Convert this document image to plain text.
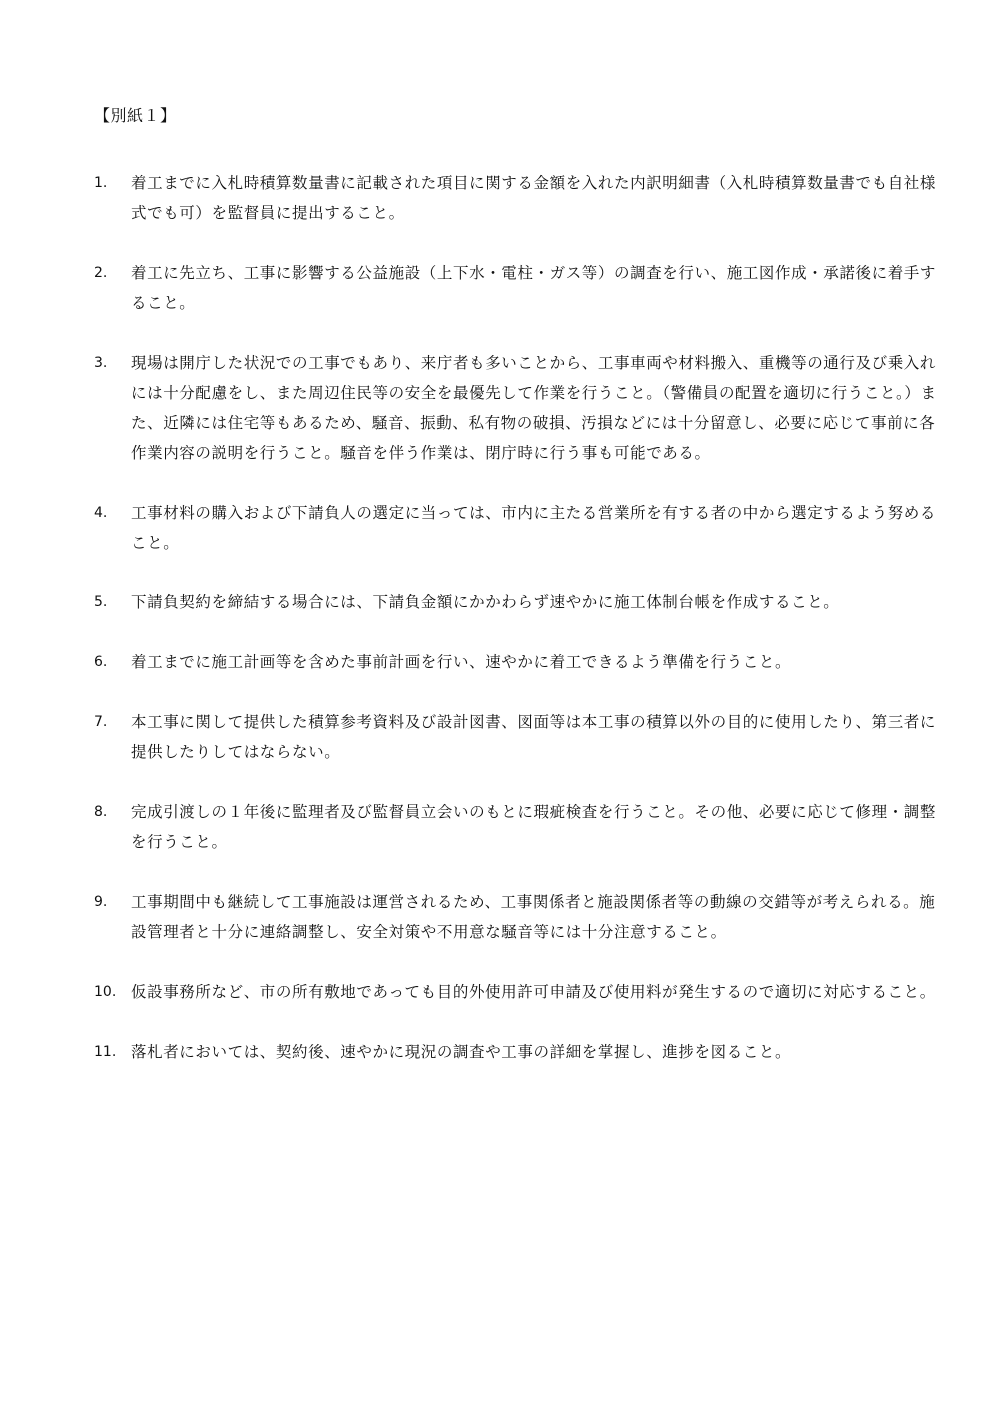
【別紙１】
1. 着工までに入札時積算数量書に記載された項目に関する金額を入れた内訳明細書（入札時積算数量書でも自社様式でも可）を監督員に提出すること。
2. 着工に先立ち、工事に影響する公益施設（上下水・電柱・ガス等）の調査を行い、施工図作成・承諾後に着手すること。
3. 現場は開庁した状況での工事でもあり、来庁者も多いことから、工事車両や材料搬入、重機等の通行及び乗入れには十分配慮をし、また周辺住民等の安全を最優先して作業を行うこと。（警備員の配置を適切に行うこと。）また、近隣には住宅等もあるため、騒音、振動、私有物の破損、汚損などには十分留意し、必要に応じて事前に各作業内容の説明を行うこと。騒音を伴う作業は、閉庁時に行う事も可能である。
4. 工事材料の購入および下請負人の選定に当っては、市内に主たる営業所を有する者の中から選定するよう努めること。
5. 下請負契約を締結する場合には、下請負金額にかかわらず速やかに施工体制台帳を作成すること。
6. 着工までに施工計画等を含めた事前計画を行い、速やかに着工できるよう準備を行うこと。
7. 本工事に関して提供した積算参考資料及び設計図書、図面等は本工事の積算以外の目的に使用したり、第三者に提供したりしてはならない。
8. 完成引渡しの１年後に監理者及び監督員立会いのもとに瑕疵検査を行うこと。その他、必要に応じて修理・調整を行うこと。
9. 工事期間中も継続して工事施設は運営されるため、工事関係者と施設関係者等の動線の交錯等が考えられる。施設管理者と十分に連絡調整し、安全対策や不用意な騒音等には十分注意すること。
10. 仮設事務所など、市の所有敷地であっても目的外使用許可申請及び使用料が発生するので適切に対応すること。
11. 落札者においては、契約後、速やかに現況の調査や工事の詳細を掌握し、進捗を図ること。
